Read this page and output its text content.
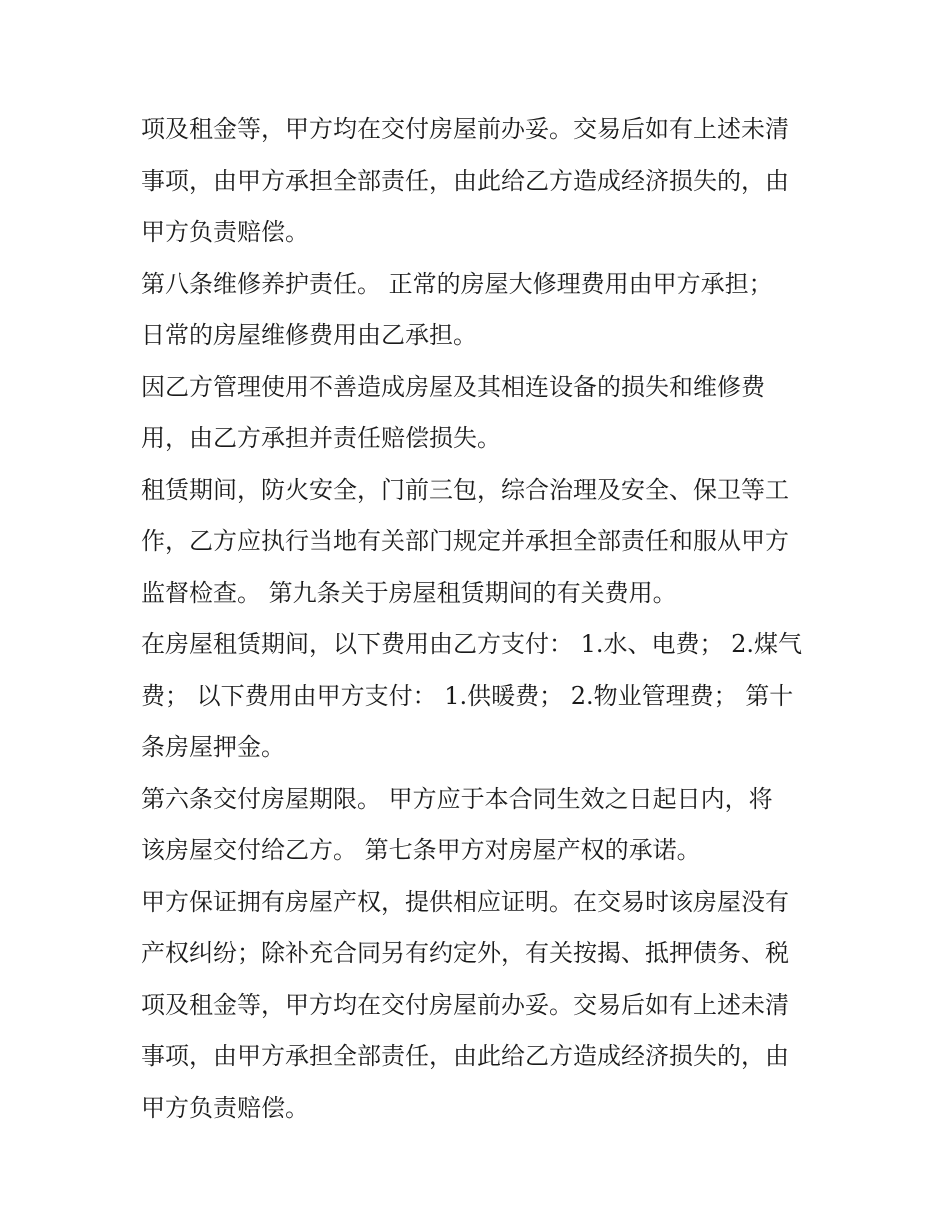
项及租金等，甲方均在交付房屋前办妥。交易后如有上述未清
事项，由甲方承担全部责任，由此给乙方造成经济损失的，由
甲方负责赔偿。
第八条维修养护责任。 正常的房屋大修理费用由甲方承担；
日常的房屋维修费用由乙承担。
因乙方管理使用不善造成房屋及其相连设备的损失和维修费
用，由乙方承担并责任赔偿损失。
租赁期间，防火安全，门前三包，综合治理及安全、保卫等工
作，乙方应执行当地有关部门规定并承担全部责任和服从甲方
监督检查。 第九条关于房屋租赁期间的有关费用。
在房屋租赁期间，以下费用由乙方支付： 1.水、电费； 2.煤气
费； 以下费用由甲方支付： 1.供暖费； 2.物业管理费； 第十
条房屋押金。
第六条交付房屋期限。 甲方应于本合同生效之日起日内，将
该房屋交付给乙方。 第七条甲方对房屋产权的承诺。
甲方保证拥有房屋产权，提供相应证明。在交易时该房屋没有
产权纠纷；除补充合同另有约定外，有关按揭、抵押债务、税
项及租金等，甲方均在交付房屋前办妥。交易后如有上述未清
事项，由甲方承担全部责任，由此给乙方造成经济损失的，由
甲方负责赔偿。
